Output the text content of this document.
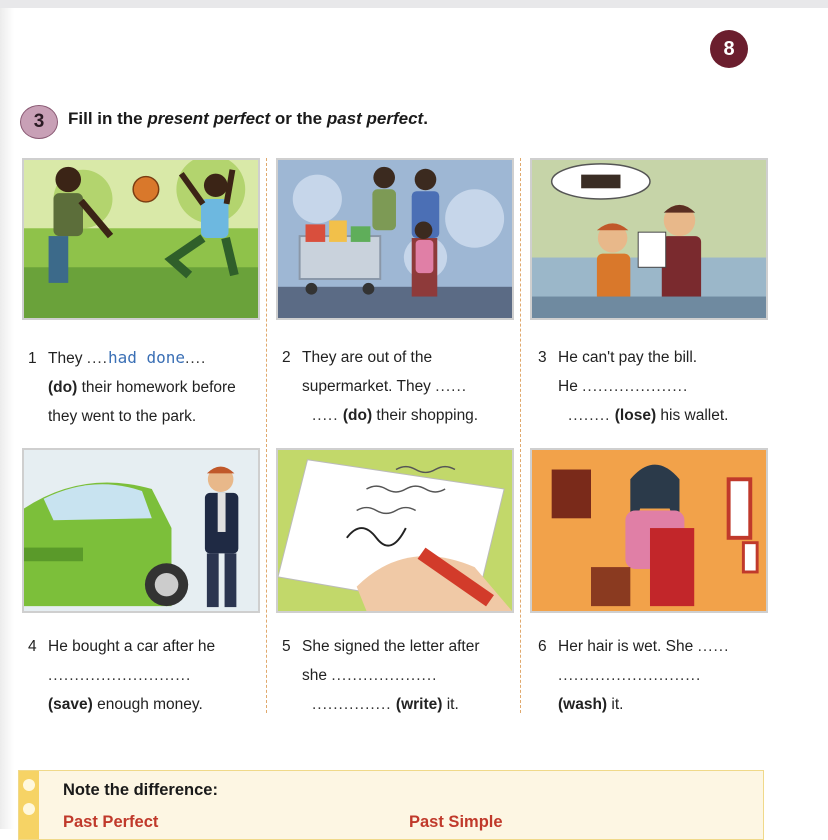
8
3	Fill in the present perfect or the past perfect.
1 They ....had done....
(do) their homework before
they went to the park.
2 They are out of the
supermarket. They ......
..... (do) their shopping.
3 He can't pay the bill.
He ....................
........ (lose) his wallet.
4 He bought a car after he
...........................
(save) enough money.
5 She signed the letter after
she ....................
............... (write) it.
6 Her hair is wet. She ......
...........................
(wash) it.
Note the difference:
Past Perfect	Past Simple
